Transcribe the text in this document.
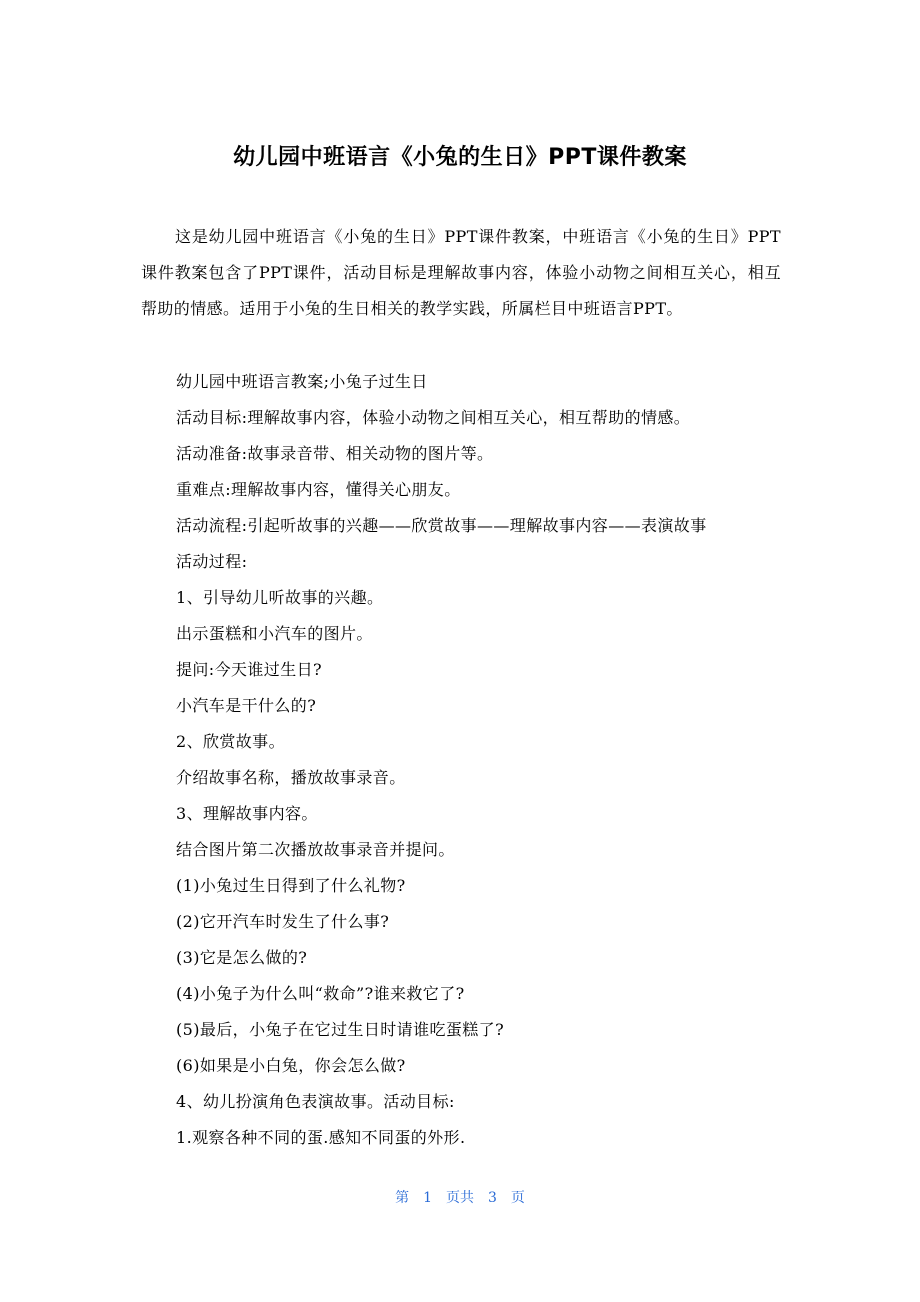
幼儿园中班语言《小兔的生日》PPT课件教案

这是幼儿园中班语言《小兔的生日》PPT课件教案，中班语言《小兔的生日》PPT课件教案包含了PPT课件，活动目标是理解故事内容，体验小动物之间相互关心，相互帮助的情感。适用于小兔的生日相关的教学实践，所属栏目中班语言PPT。

幼儿园中班语言教案;小兔子过生日
活动目标:理解故事内容，体验小动物之间相互关心，相互帮助的情感。
活动准备:故事录音带、相关动物的图片等。
重难点:理解故事内容，懂得关心朋友。
活动流程:引起听故事的兴趣——欣赏故事——理解故事内容——表演故事
活动过程:
1、引导幼儿听故事的兴趣。
出示蛋糕和小汽车的图片。
提问:今天谁过生日?
小汽车是干什么的?
2、欣赏故事。
介绍故事名称，播放故事录音。
3、理解故事内容。
结合图片第二次播放故事录音并提问。
(1)小兔过生日得到了什么礼物?
(2)它开汽车时发生了什么事?
(3)它是怎么做的?
(4)小兔子为什么叫“救命”?谁来救它了?
(5)最后，小兔子在它过生日时请谁吃蛋糕了?
(6)如果是小白兔，你会怎么做?
4、幼儿扮演角色表演故事。活动目标:
1.观察各种不同的蛋.感知不同蛋的外形.
第 1 页共 3 页
